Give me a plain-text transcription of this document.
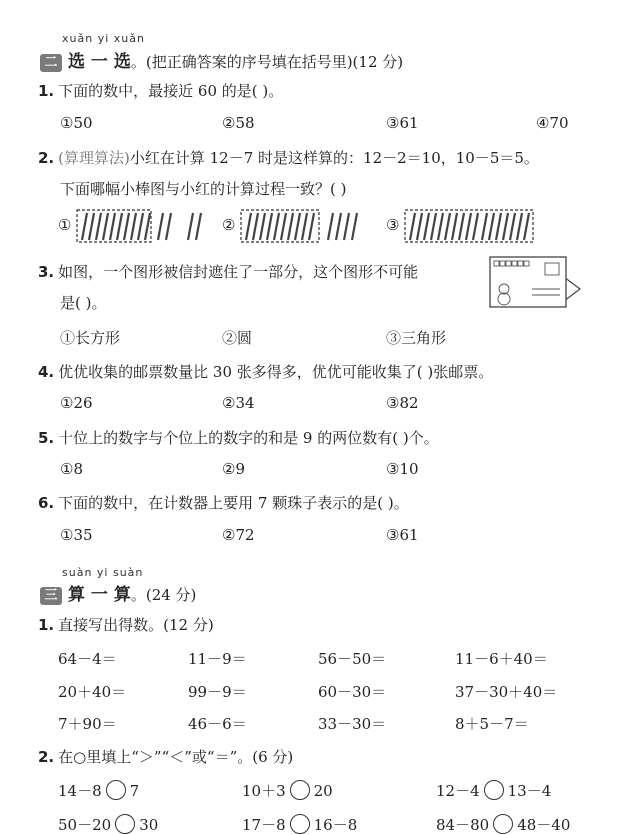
xuǎn yi xuǎn
二 选 一 选。(把正确答案的序号填在括号里)(12 分)
1. 下面的数中，最接近 60 的是( )。
①50	②58	③61	④70
2. (算理算法)小红在计算 12－7 时是这样算的：12－2＝10，10－5＝5。
下面哪幅小棒图与小红的计算过程一致？( )
①	②	③
3. 如图，一个图形被信封遮住了一部分，这个图形不可能
是( )。
①长方形	②圆	③三角形
4. 优优收集的邮票数量比 30 张多得多，优优可能收集了( )张邮票。
①26	②34	③82
5. 十位上的数字与个位上的数字的和是 9 的两位数有( )个。
①8	②9	③10
6. 下面的数中，在计数器上要用 7 颗珠子表示的是( )。
①35	②72	③61
suàn yi suàn
三 算 一 算。(24 分)
1. 直接写出得数。(12 分)
64－4＝	11－9＝	56－50＝	11－6＋40＝
20＋40＝	99－9＝	60－30＝	37－30＋40＝
7＋90＝	46－6＝	33－30＝	8＋5－7＝
2. 在○里填上“＞”“＜”或“＝”。(6 分)
14－8 7	10＋3 20	12－4 13－4
50－20 30	17－8 16－8	84－80 48－40
